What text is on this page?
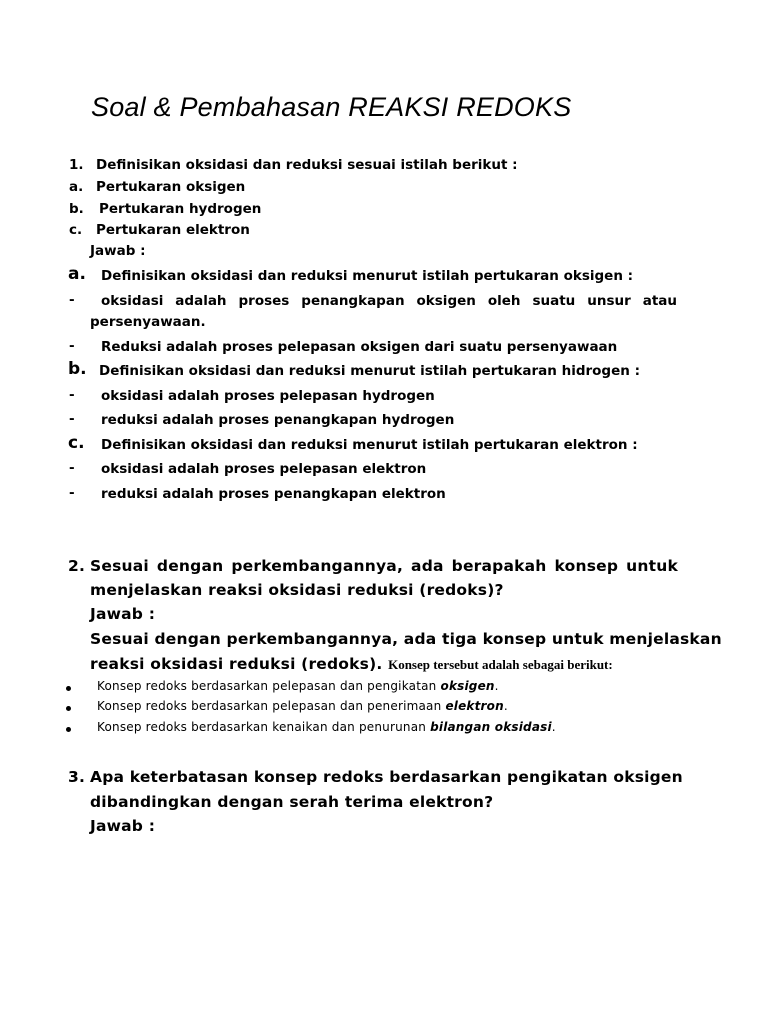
Soal & Pembahasan REAKSI REDOKS
1. Definisikan oksidasi dan reduksi sesuai istilah berikut :
a. Pertukaran oksigen
b. Pertukaran hydrogen
c. Pertukaran elektron
Jawab :
a. Definisikan oksidasi dan reduksi menurut istilah pertukaran oksigen :
- oksidasi adalah proses penangkapan oksigen oleh suatu unsur atau
persenyawaan.
- Reduksi adalah proses pelepasan oksigen dari suatu persenyawaan
b. Definisikan oksidasi dan reduksi menurut istilah pertukaran hidrogen :
- oksidasi adalah proses pelepasan hydrogen
- reduksi adalah proses penangkapan hydrogen
c. Definisikan oksidasi dan reduksi menurut istilah pertukaran elektron :
- oksidasi adalah proses pelepasan elektron
- reduksi adalah proses penangkapan elektron
2. Sesuai dengan perkembangannya, ada berapakah konsep untuk
menjelaskan reaksi oksidasi reduksi (redoks)?
Jawab :
Sesuai dengan perkembangannya, ada tiga konsep untuk menjelaskan
reaksi oksidasi reduksi (redoks). Konsep tersebut adalah sebagai berikut:
Konsep redoks berdasarkan pelepasan dan pengikatan oksigen.
Konsep redoks berdasarkan pelepasan dan penerimaan elektron.
Konsep redoks berdasarkan kenaikan dan penurunan bilangan oksidasi.
3. Apa keterbatasan konsep redoks berdasarkan pengikatan oksigen
dibandingkan dengan serah terima elektron?
Jawab :
